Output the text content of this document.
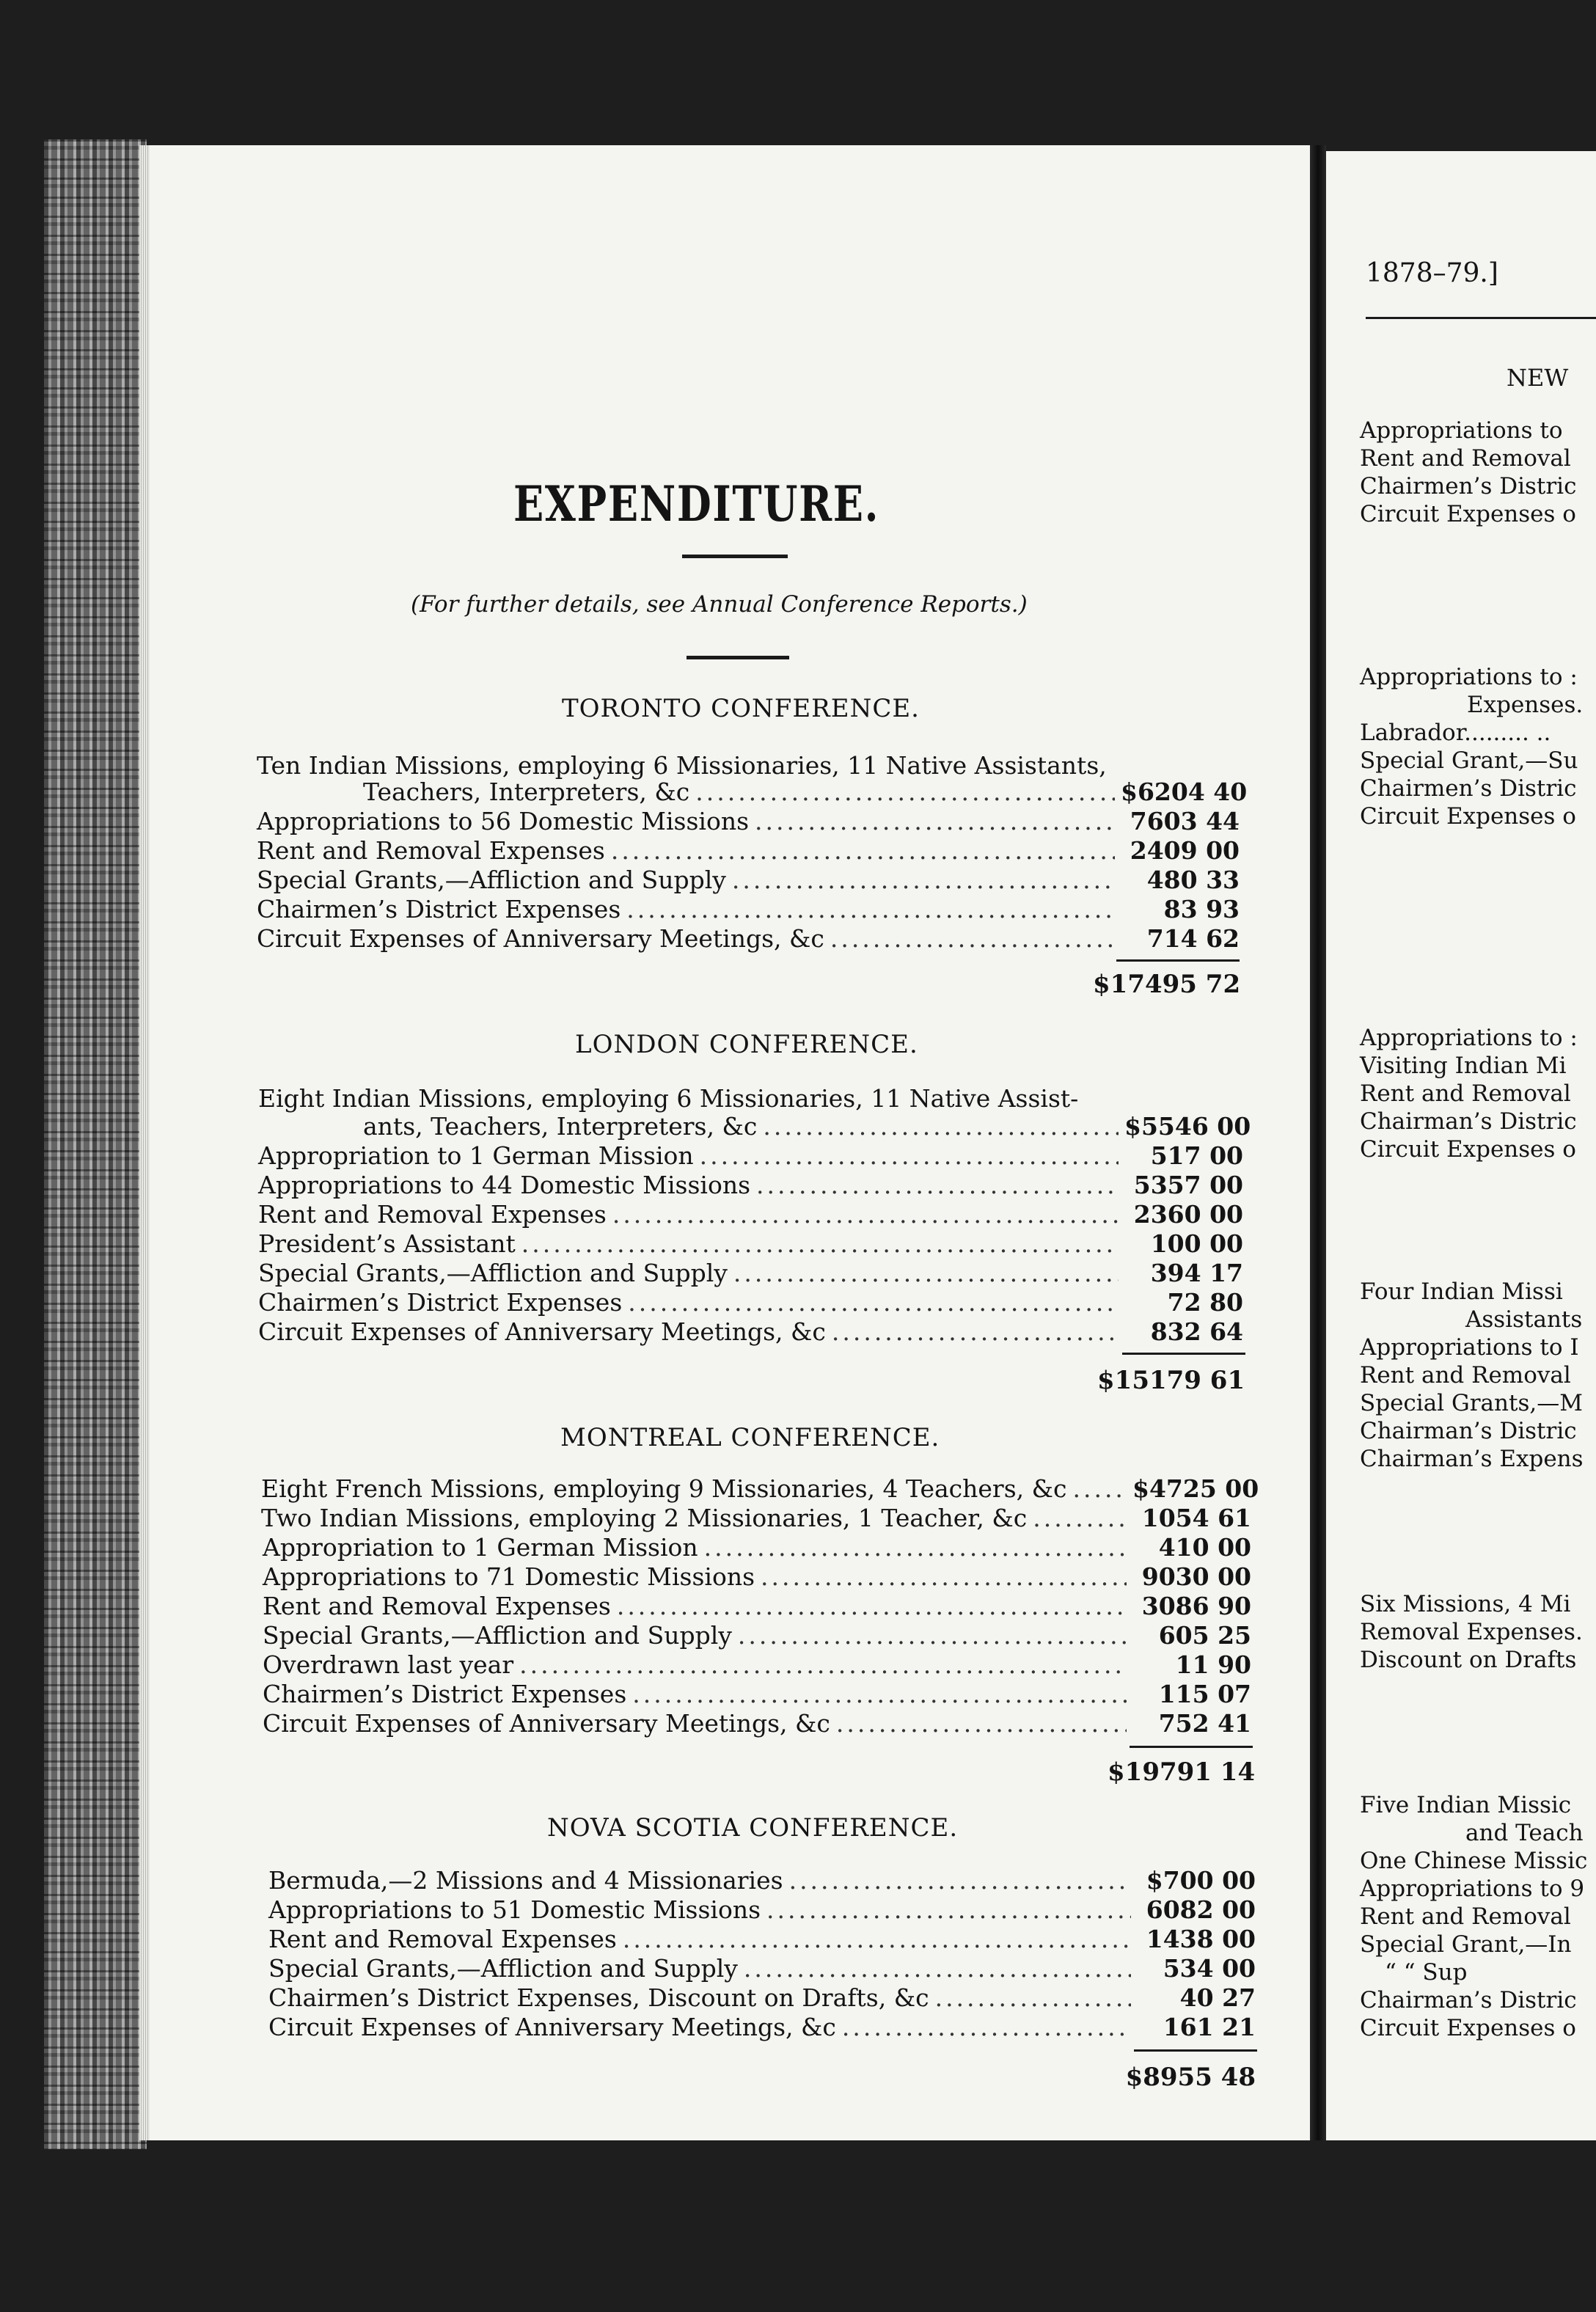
EXPENDITURE.
(For further details, see Annual Conference Reports.)
TORONTO CONFERENCE.
Ten Indian Missions, employing 6 Missionaries, 11 Native Assistants,
Teachers, Interpreters, &c .....	$6204 40
Appropriations to 56 Domestic Missions .....	7603 44
Rent and Removal Expenses .....	2409 00
Special Grants,—Affliction and Supply .....	480 33
Chairmen’s District Expenses .....	83 93
Circuit Expenses of Anniversary Meetings, &c .....	714 62
$17495 72
LONDON CONFERENCE.
Eight Indian Missions, employing 6 Missionaries, 11 Native Assist-
ants, Teachers, Interpreters, &c .....	$5546 00
Appropriation to 1 German Mission .....	517 00
Appropriations to 44 Domestic Missions .....	5357 00
Rent and Removal Expenses .....	2360 00
President’s Assistant .....	100 00
Special Grants,—Affliction and Supply .....	394 17
Chairmen’s District Expenses .....	72 80
Circuit Expenses of Anniversary Meetings, &c .....	832 64
$15179 61
MONTREAL CONFERENCE.
Eight French Missions, employing 9 Missionaries, 4 Teachers, &c .....	$4725 00
Two Indian Missions, employing 2 Missionaries, 1 Teacher, &c .....	1054 61
Appropriation to 1 German Mission .....	410 00
Appropriations to 71 Domestic Missions .....	9030 00
Rent and Removal Expenses .....	3086 90
Special Grants,—Affliction and Supply .....	605 25
Overdrawn last year .....	11 90
Chairmen’s District Expenses .....	115 07
Circuit Expenses of Anniversary Meetings, &c .....	752 41
$19791 14
NOVA SCOTIA CONFERENCE.
Bermuda,—2 Missions and 4 Missionaries .....	$700 00
Appropriations to 51 Domestic Missions .....	6082 00
Rent and Removal Expenses .....	1438 00
Special Grants,—Affliction and Supply .....	534 00
Chairmen’s District Expenses, Discount on Drafts, &c .....	40 27
Circuit Expenses of Anniversary Meetings, &c .....	161 21
$8955 48
1878–79.]
NEW
Appropriations to
Rent and Removal
Chairmen’s Distric
Circuit Expenses o
Appropriations to :
Expenses.
Labrador......... ..
Special Grant,—Su
Chairmen’s Distric
Circuit Expenses o
Appropriations to :
Visiting Indian Mi
Rent and Removal
Chairman’s Distric
Circuit Expenses o
Four Indian Missi
Assistants
Appropriations to I
Rent and Removal
Special Grants,—M
Chairman’s Distric
Chairman’s Expens
Six Missions, 4 Mi
Removal Expenses.
Discount on Drafts
Five Indian Missic
and Teach
One Chinese Missic
Appropriations to 9
Rent and Removal
Special Grant,—In
“ “ Sup
Chairman’s Distric
Circuit Expenses o
